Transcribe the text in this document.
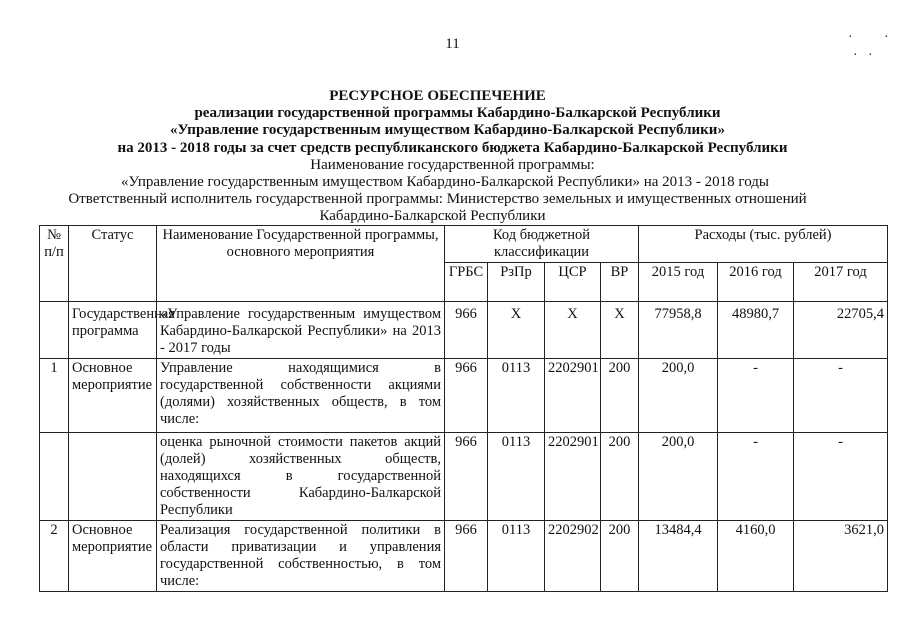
11	· ·
· ·
РЕСУРСНОЕ ОБЕСПЕЧЕНИЕ
реализации государственной программы Кабардино-Балкарской Республики
«Управление государственным имуществом Кабардино-Балкарской Республики»
на 2013 - 2018 годы за счет средств республиканского бюджета Кабардино-Балкарской Республики
Наименование государственной программы:
«Управление государственным имуществом Кабардино-Балкарской Республики» на 2013 - 2018 годы
Ответственный исполнитель государственной программы: Министерство земельных и имущественных отношений
Кабардино-Балкарской Республики
№ п/п	Статус	Наименование Государственной программы, основного мероприятия	Код бюджетной классификации				Расходы (тыс. рублей)		
			ГРБС	РзПр	ЦСР	ВР	2015 год	2016 год	2017 год
	Государственная программа	«Управление государственным имуществом Кабардино-Балкарской Республики» на 2013 - 2017 годы	966	Х	Х	Х	77958,8	48980,7	22705,4
1	Основное мероприятие	Управление находящимися в государственной собственности акциями (долями) хозяйственных обществ, в том числе:	966	0113	2202901	200	200,0	-	-
		оценка рыночной стоимости пакетов акций (долей) хозяйственных обществ, находящихся в государственной собственности Кабардино-Балкарской Республики	966	0113	2202901	200	200,0	-	-
2	Основное мероприятие	Реализация государственной политики в области приватизации и управления государственной собственностью, в том числе:	966	0113	2202902	200	13484,4	4160,0	3621,0
